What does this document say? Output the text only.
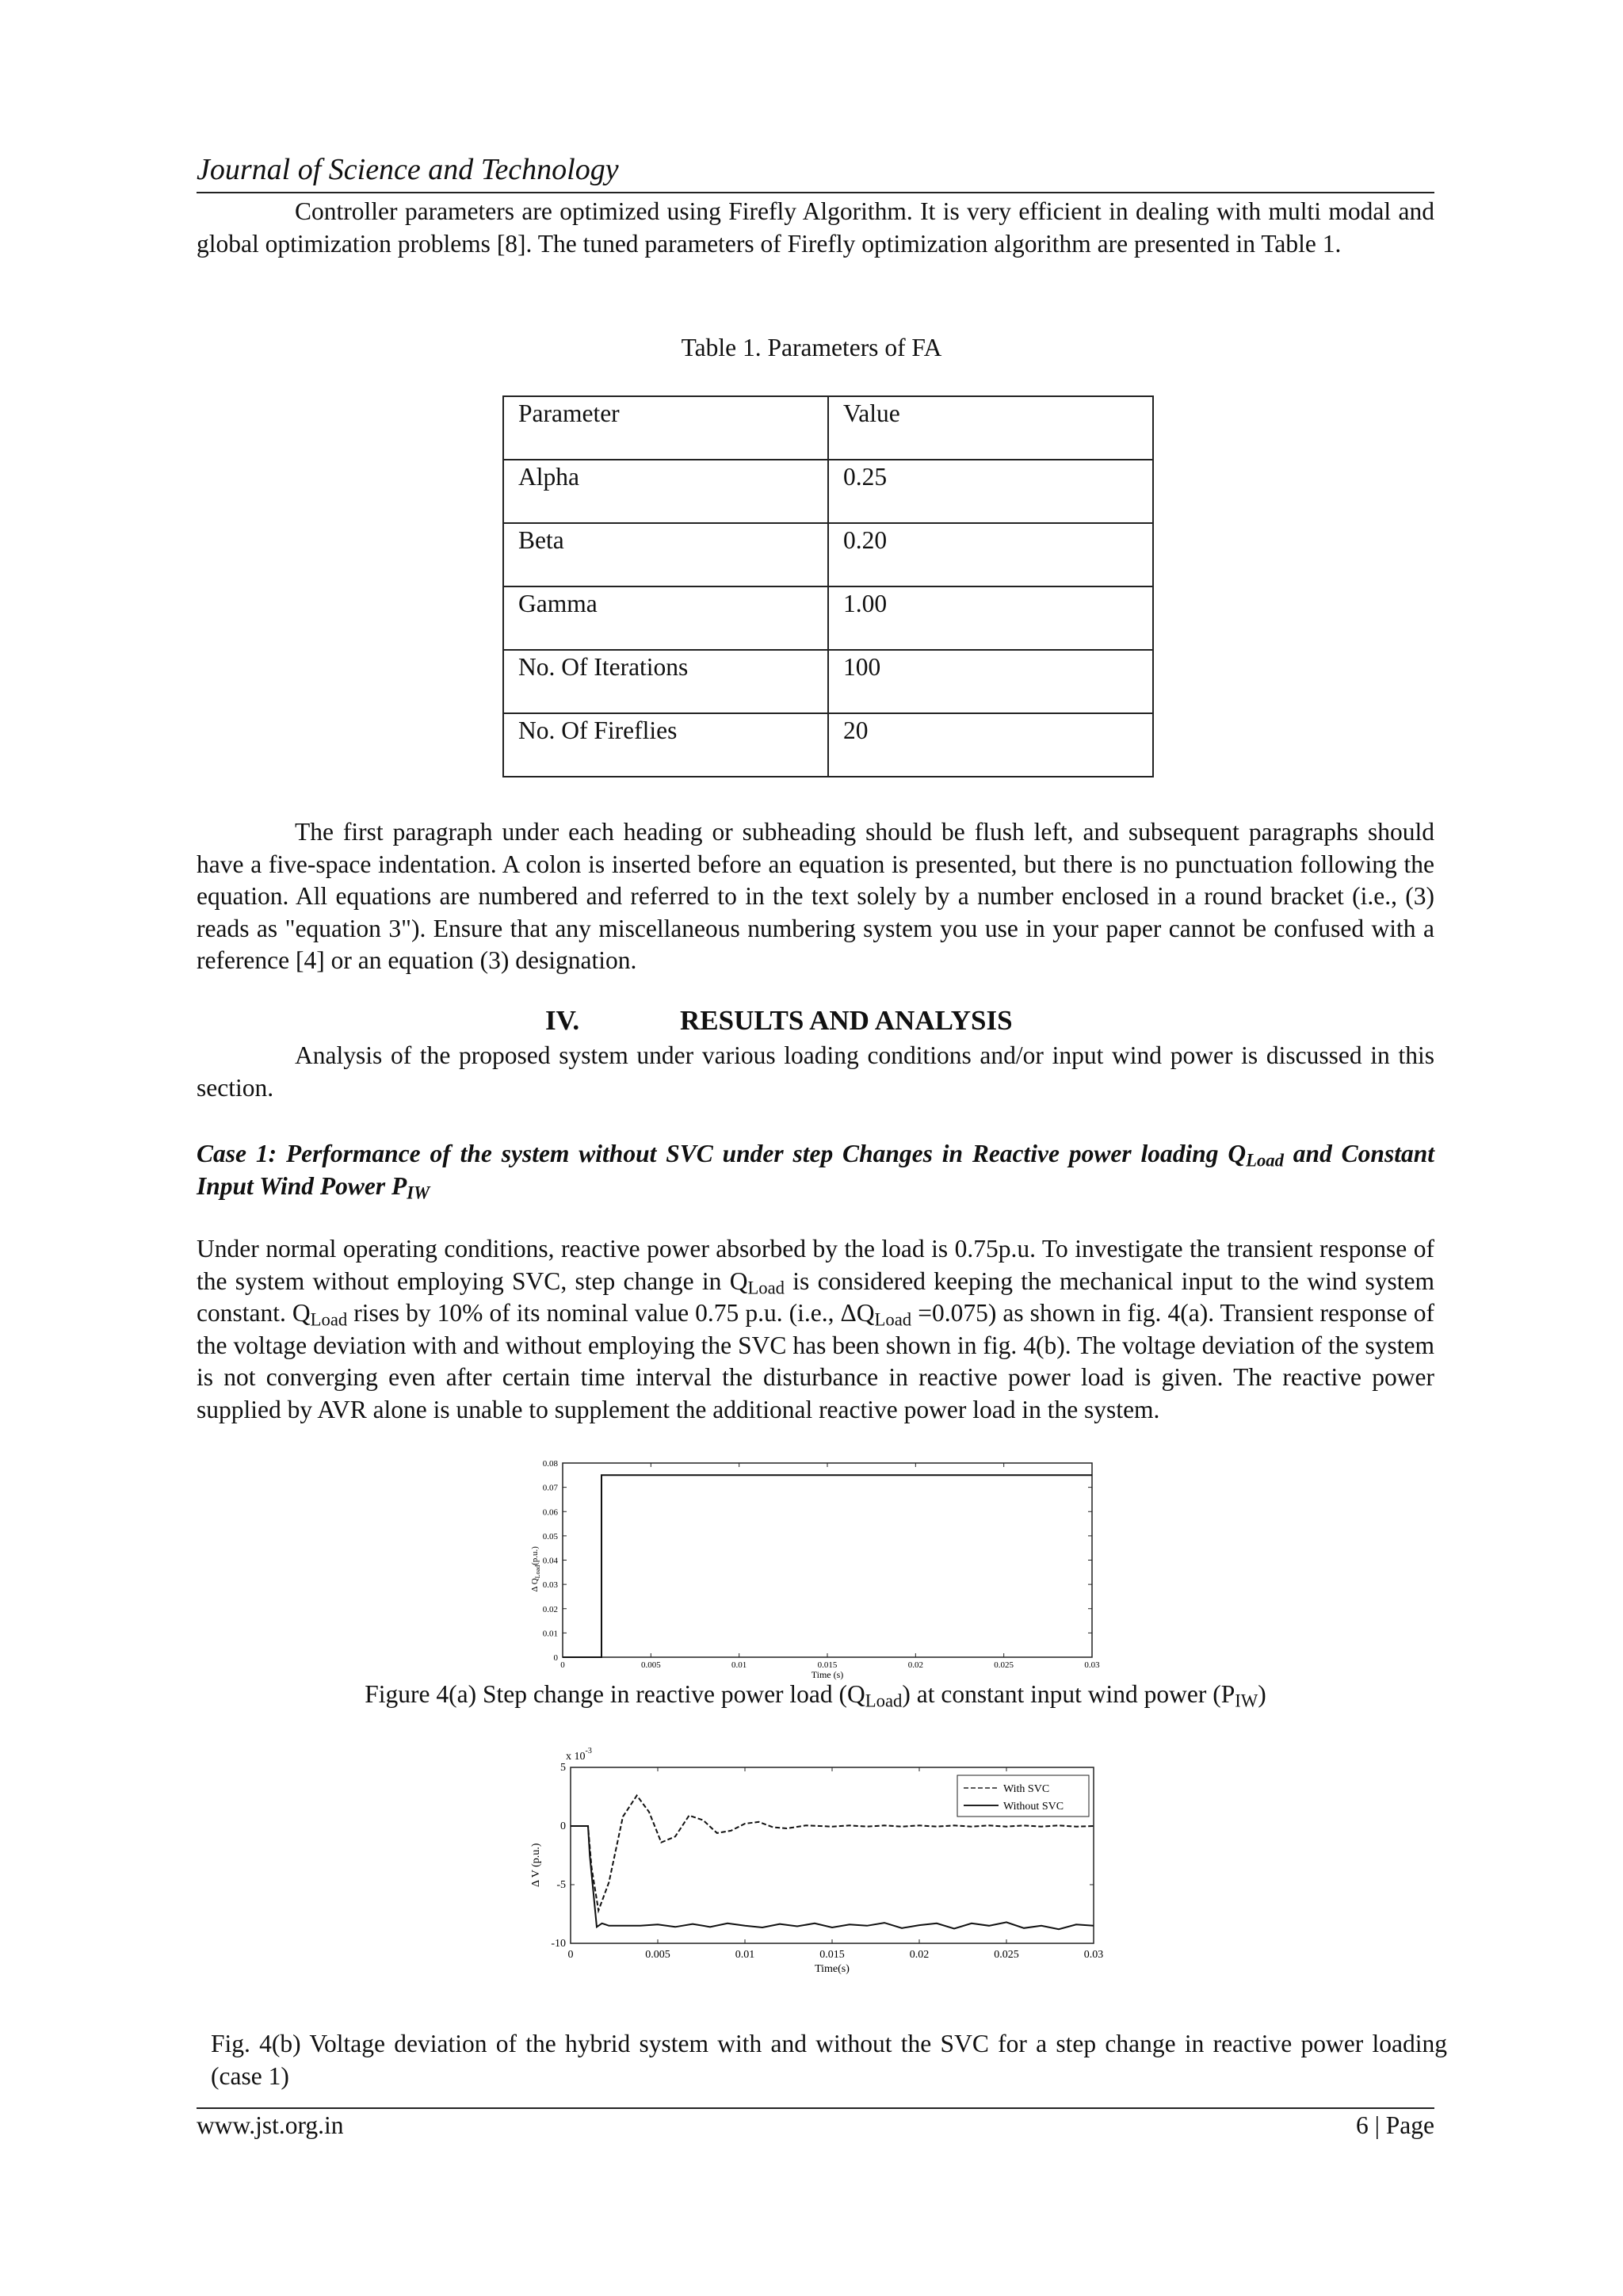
Journal of Science and Technology
Controller parameters are optimized using Firefly Algorithm. It is very efficient in dealing with multi modal and global optimization problems [8]. The tuned parameters of Firefly optimization algorithm are presented in Table 1.
Table 1. Parameters of FA
Parameter	Value
Alpha	0.25
Beta	0.20
Gamma	1.00
No. Of Iterations	100
No. Of Fireflies	20
The first paragraph under each heading or subheading should be flush left, and subsequent paragraphs should have a five-space indentation. A colon is inserted before an equation is presented, but there is no punctuation following the equation. All equations are numbered and referred to in the text solely by a number enclosed in a round bracket (i.e., (3) reads as "equation 3"). Ensure that any miscellaneous numbering system you use in your paper cannot be confused with a reference [4] or an equation (3) designation.
IV.	RESULTS AND ANALYSIS
Analysis of the proposed system under various loading conditions and/or input wind power is discussed in this section.
Case 1: Performance of the system without SVC under step Changes in Reactive power loading $Q_{Load}$ and Constant Input Wind Power $P_{IW}$
Under normal operating conditions, reactive power absorbed by the load is 0.75p.u. To investigate the transient response of the system without employing SVC, step change in $Q_{Load}$ is considered keeping the mechanical input to the wind system constant. $Q_{Load}$ rises by 10% of its nominal value 0.75 p.u. (i.e., $\Delta Q_{Load} =0.075$) as shown in fig. 4(a). Transient response of the voltage deviation with and without employing the SVC has been shown in fig. 4(b). The voltage deviation of the system is not converging even after certain time interval the disturbance in reactive power load is given. The reactive power supplied by AVR alone is unable to supplement the additional reactive power load in the system.
0	0.005	0.01	0.015	0.02	0.025	0.03
0
0.01
0.02
0.03
0.04
0.05
0.06
0.07
0.08
Δ $Q_{Load}(p.u.)$
Time (s)
Figure 4(a) Step change in reactive power load $(Q_{Load})$ at constant input wind power $(P_{IW})$
0	0.005	0.01	0.015	0.02	0.025	0.03
5
0
-5
-10
x $10^{-3}$
Δ V (p.u.)
Time(s)
With SVC
Without SVC
Fig. 4(b) Voltage deviation of the hybrid system with and without the SVC for a step change in reactive power loading (case 1)
www.jst.org.in	6 | Page
